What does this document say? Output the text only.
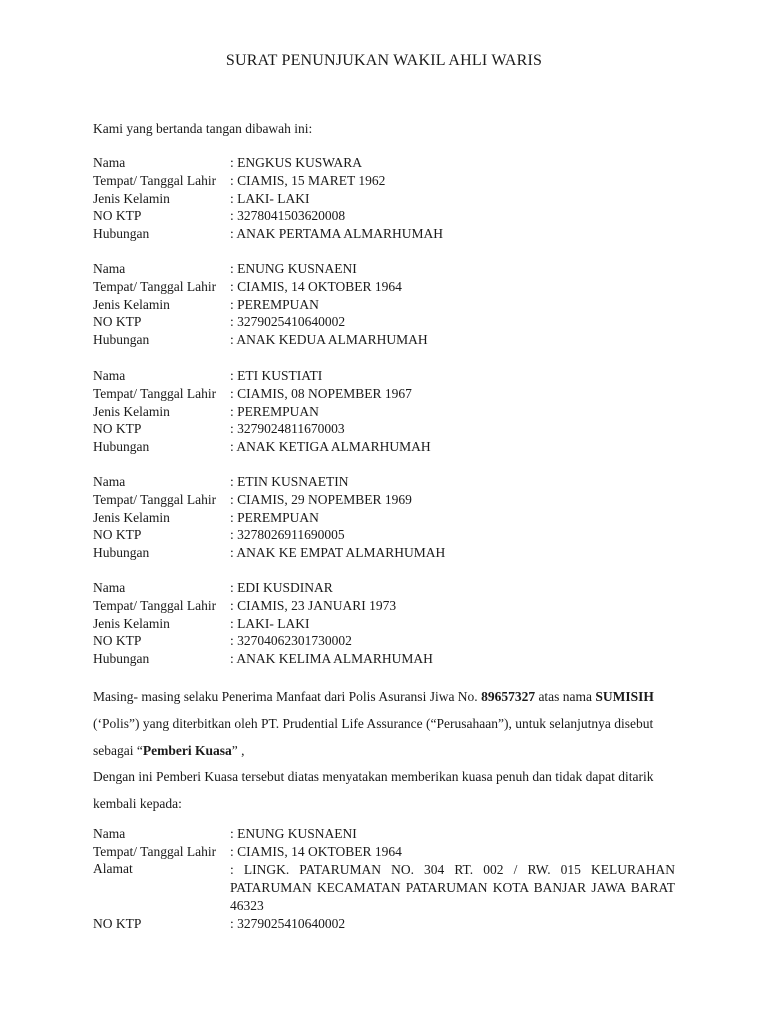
SURAT PENUNJUKAN WAKIL AHLI WARIS
Kami yang bertanda tangan dibawah ini:
Nama	: ENGKUS KUSWARA
Tempat/ Tanggal Lahir	: CIAMIS, 15 MARET 1962
Jenis Kelamin	: LAKI- LAKI
NO KTP	: 3278041503620008
Hubungan	: ANAK PERTAMA ALMARHUMAH
Nama	: ENUNG KUSNAENI
Tempat/ Tanggal Lahir	: CIAMIS, 14 OKTOBER 1964
Jenis Kelamin	: PEREMPUAN
NO KTP	: 3279025410640002
Hubungan	: ANAK KEDUA ALMARHUMAH
Nama	: ETI KUSTIATI
Tempat/ Tanggal Lahir	: CIAMIS, 08 NOPEMBER 1967
Jenis Kelamin	: PEREMPUAN
NO KTP	: 3279024811670003
Hubungan	: ANAK KETIGA ALMARHUMAH
Nama	: ETIN KUSNAETIN
Tempat/ Tanggal Lahir	: CIAMIS, 29 NOPEMBER 1969
Jenis Kelamin	: PEREMPUAN
NO KTP	: 3278026911690005
Hubungan	: ANAK KE EMPAT ALMARHUMAH
Nama	: EDI KUSDINAR
Tempat/ Tanggal Lahir	: CIAMIS, 23 JANUARI 1973
Jenis Kelamin	: LAKI- LAKI
NO KTP	: 32704062301730002
Hubungan	: ANAK KELIMA ALMARHUMAH
Masing- masing selaku Penerima Manfaat dari Polis Asuransi Jiwa No. 89657327 atas nama SUMISIH (‘Polis”) yang diterbitkan oleh PT. Prudential Life Assurance (“Perusahaan”), untuk selanjutnya disebut sebagai “Pemberi Kuasa” ,
Dengan ini Pemberi Kuasa tersebut diatas menyatakan memberikan kuasa penuh dan tidak dapat ditarik kembali kepada:
Nama	: ENUNG KUSNAENI
Tempat/ Tanggal Lahir	: CIAMIS, 14 OKTOBER 1964
Alamat	: LINGK. PATARUMAN NO. 304 RT. 002 / RW. 015 KELURAHAN PATARUMAN KECAMATAN PATARUMAN KOTA BANJAR JAWA BARAT 46323
NO KTP	: 3279025410640002
